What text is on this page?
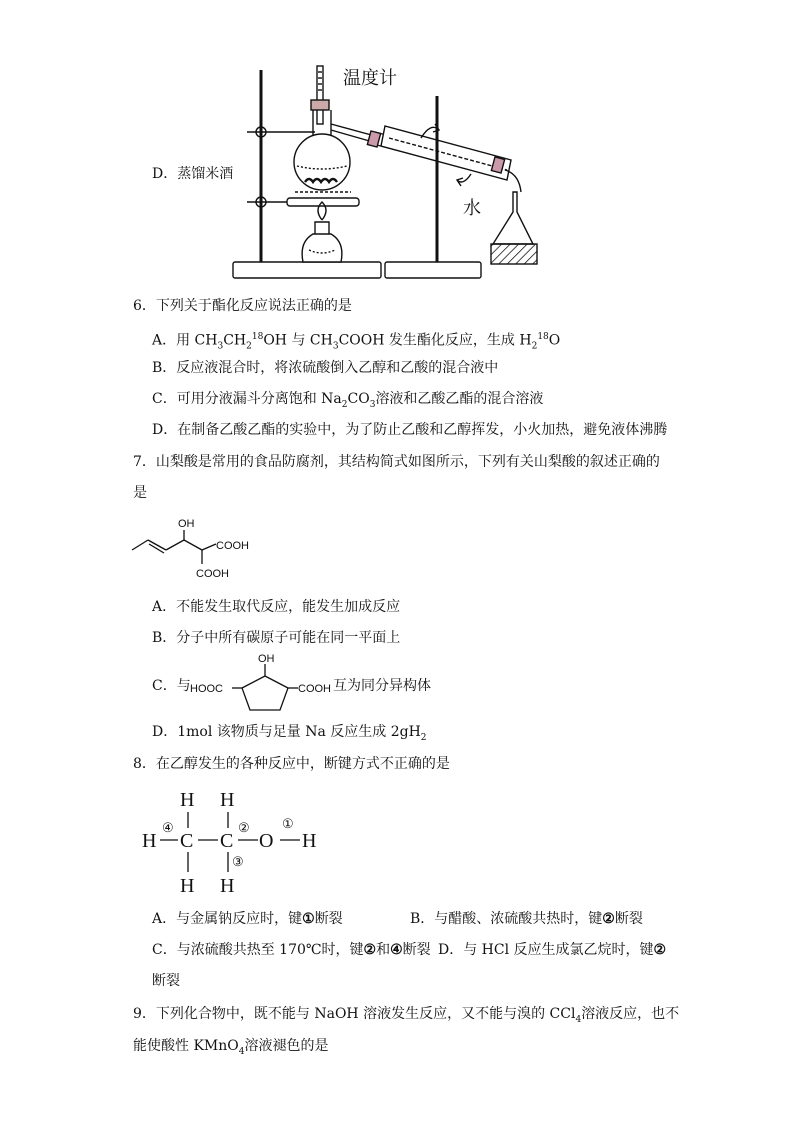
D．蒸馏米酒
温度计
水
6．下列关于酯化反应说法正确的是
A．用 $CH_3CH_2^{18}OH$ 与 $CH_3COOH$ 发生酯化反应，生成 $H_2^{18}O$
B．反应液混合时，将浓硫酸倒入乙醇和乙酸的混合液中
C．可用分液漏斗分离饱和 $Na_2CO_3$溶液和乙酸乙酯的混合溶液
D．在制备乙酸乙酯的实验中，为了防止乙酸和乙醇挥发，小火加热，避免液体沸腾
7．山梨酸是常用的食品防腐剂，其结构简式如图所示，下列有关山梨酸的叙述正确的
是
OH
COOH
COOH
A．不能发生取代反应，能发生加成反应
B．分子中所有碳原子可能在同一平面上
C．与
OH
HOOC	COOH 互为同分异构体
D．1mol 该物质与足量 Na 反应生成 $2gH_2$
8．在乙醇发生的各种反应中，断键方式不正确的是
H H
H C C O H
H H
①
②
③
④
A．与金属钠反应时，键①断裂	B．与醋酸、浓硫酸共热时，键②断裂
C．与浓硫酸共热至 170℃时，键②和④断裂 D．与 HCl 反应生成氯乙烷时，键②
断裂
9．下列化合物中，既不能与 NaOH 溶液发生反应，又不能与溴的 CCl$_4$溶液反应，也不
能使酸性 KMnO$_4$溶液褪色的是
